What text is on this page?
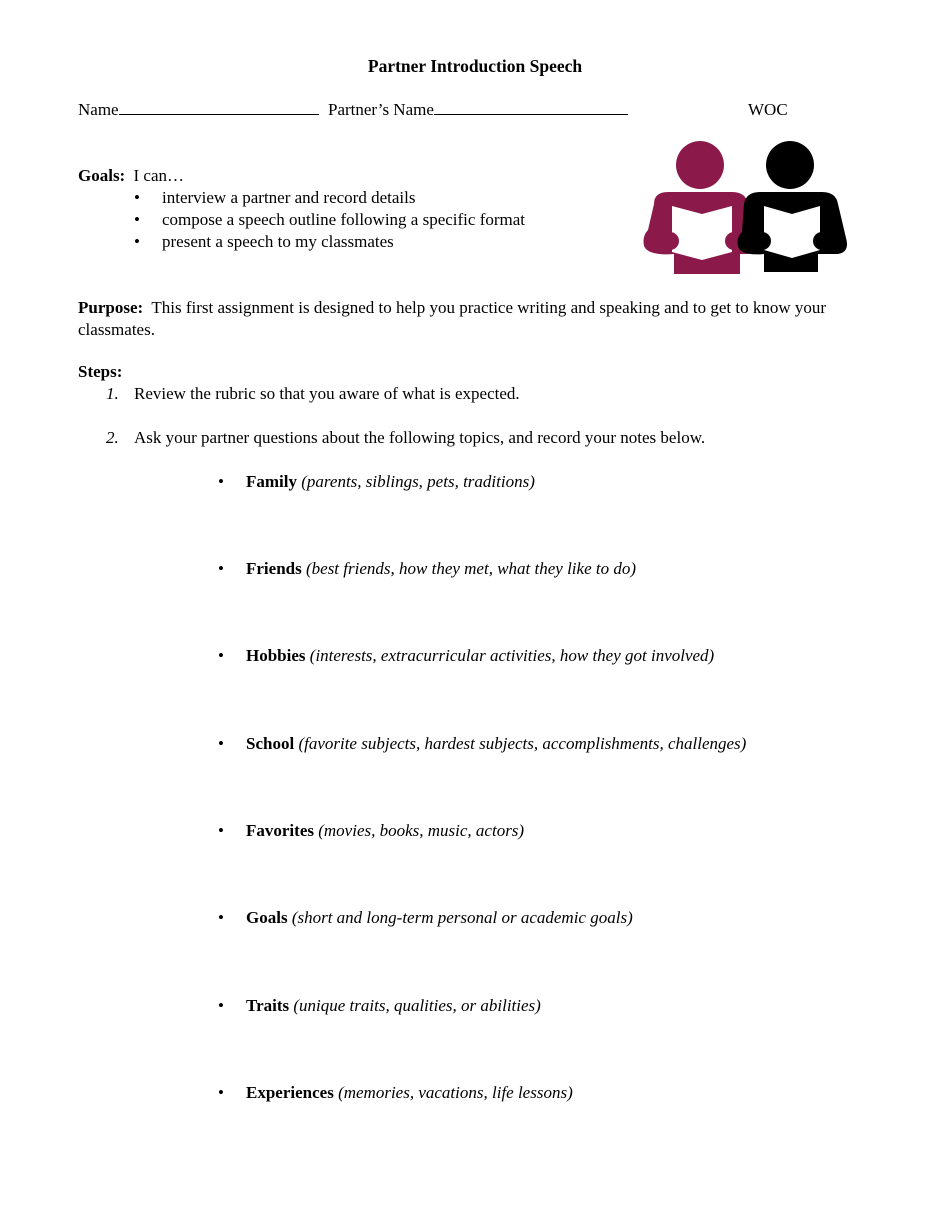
Partner Introduction Speech
Name	Partner’s Name	WOC
Goals: I can…
• interview a partner and record details
• compose a speech outline following a specific format
• present a speech to my classmates
Purpose: This first assignment is designed to help you practice writing and speaking and to get to know your classmates.
Steps:
1. Review the rubric so that you aware of what is expected.
2. Ask your partner questions about the following topics, and record your notes below.
• Family (parents, siblings, pets, traditions)
• Friends (best friends, how they met, what they like to do)
• Hobbies (interests, extracurricular activities, how they got involved)
• School (favorite subjects, hardest subjects, accomplishments, challenges)
• Favorites (movies, books, music, actors)
• Goals (short and long-term personal or academic goals)
• Traits (unique traits, qualities, or abilities)
• Experiences (memories, vacations, life lessons)
